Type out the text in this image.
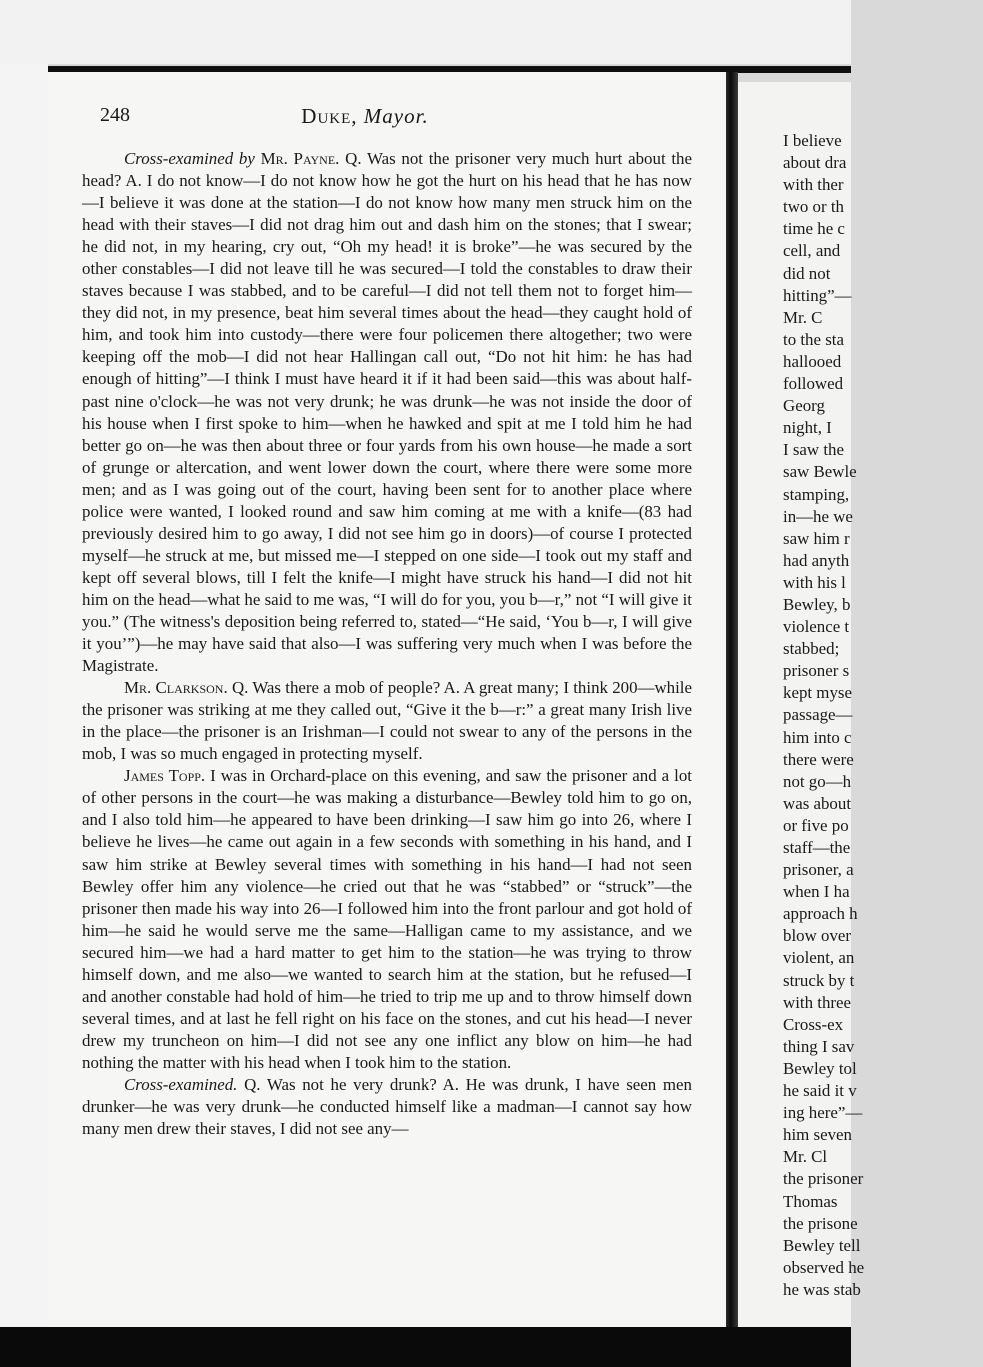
248	Duke, Mayor.

Cross-examined by Mr. Payne. Q. Was not the prisoner very much hurt about the head? A. I do not know—I do not know how he got the hurt on his head that he has now—I believe it was done at the station—I do not know how many men struck him on the head with their staves—I did not drag him out and dash him on the stones; that I swear; he did not, in my hearing, cry out, “Oh my head! it is broke”—he was secured by the other constables—I did not leave till he was secured—I told the constables to draw their staves because I was stabbed, and to be careful—I did not tell them not to forget him—they did not, in my presence, beat him several times about the head—they caught hold of him, and took him into custody—there were four policemen there altogether; two were keeping off the mob—I did not hear Hallingan call out, “Do not hit him: he has had enough of hitting”—I think I must have heard it if it had been said—this was about half-past nine o'clock—he was not very drunk; he was drunk—he was not inside the door of his house when I first spoke to him—when he hawked and spit at me I told him he had better go on—he was then about three or four yards from his own house—he made a sort of grunge or altercation, and went lower down the court, where there were some more men; and as I was going out of the court, having been sent for to another place where police were wanted, I looked round and saw him coming at me with a knife—(83 had previously desired him to go away, I did not see him go in doors)—of course I protected myself—he struck at me, but missed me—I stepped on one side—I took out my staff and kept off several blows, till I felt the knife—I might have struck his hand—I did not hit him on the head—what he said to me was, “I will do for you, you b—r,” not “I will give it you.” (The witness's deposition being referred to, stated—“He said, ‘You b—r, I will give it you’”)—he may have said that also—I was suffering very much when I was before the Magistrate.

Mr. Clarkson. Q. Was there a mob of people? A. A great many; I think 200—while the prisoner was striking at me they called out, “Give it the b—r:” a great many Irish live in the place—the prisoner is an Irishman—I could not swear to any of the persons in the mob, I was so much engaged in protecting myself.

James Topp. I was in Orchard-place on this evening, and saw the prisoner and a lot of other persons in the court—he was making a disturbance—Bewley told him to go on, and I also told him—he appeared to have been drinking—I saw him go into 26, where I believe he lives—he came out again in a few seconds with something in his hand, and I saw him strike at Bewley several times with something in his hand—I had not seen Bewley offer him any violence—he cried out that he was “stabbed” or “struck”—the prisoner then made his way into 26—I followed him into the front parlour and got hold of him—he said he would serve me the same—Halligan came to my assistance, and we secured him—we had a hard matter to get him to the station—he was trying to throw himself down, and me also—we wanted to search him at the station, but he refused—I and another constable had hold of him—he tried to trip me up and to throw himself down several times, and at last he fell right on his face on the stones, and cut his head—I never drew my truncheon on him—I did not see any one inflict any blow on him—he had nothing the matter with his head when I took him to the station.

Cross-examined. Q. Was not he very drunk? A. He was drunk, I have seen men drunker—he was very drunk—he conducted himself like a madman—I cannot say how many men drew their staves, I did not see any—

I believe
about dra
with ther
two or th
time he c
cell, and
did not
hitting”—
Mr. C
to the sta
hallooed
followed
Georg
night, I
I saw the
saw Bewle
stamping,
in—he we
saw him r
had anyth
with his l
Bewley, b
violence t
stabbed;
prisoner s
kept myse
passage—
him into c
there were
not go—h
was about
or five po
staff—the
prisoner, a
when I ha
approach h
blow over
violent, an
struck by t
with three
Cross-ex
thing I sav
Bewley tol
he said it v
ing here”—
him seven
Mr. Cl
the prisoner
Thomas
the prisone
Bewley tell
observed he
he was stab
